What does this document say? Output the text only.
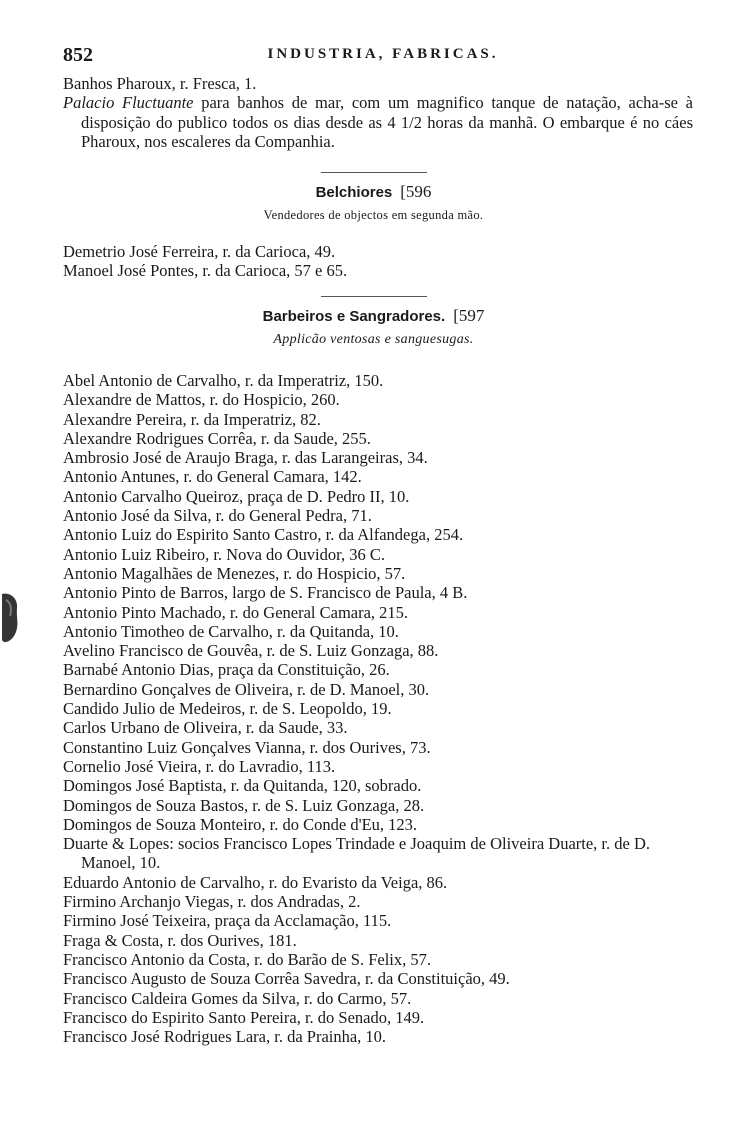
852	INDUSTRIA, FABRICAS.

Banhos Pharoux, r. Fresca, 1.

Palacio Fluctuante para banhos de mar, com um magnifico tanque de natação, acha-se à disposição do publico todos os dias desde as 4 1/2 horas da manhã. O embarque é no cáes Pharoux, nos escaleres da Companhia.

Belchiores [596
Vendedores de objectos em segunda mão.
Demetrio José Ferreira, r. da Carioca, 49.
Manoel José Pontes, r. da Carioca, 57 e 65.
Barbeiros e Sangradores. [597
Applicão ventosas e sanguesugas.
Abel Antonio de Carvalho, r. da Imperatriz, 150.
Alexandre de Mattos, r. do Hospicio, 260.
Alexandre Pereira, r. da Imperatriz, 82.
Alexandre Rodrigues Corrêa, r. da Saude, 255.
Ambrosio José de Araujo Braga, r. das Larangeiras, 34.
Antonio Antunes, r. do General Camara, 142.
Antonio Carvalho Queiroz, praça de D. Pedro II, 10.
Antonio José da Silva, r. do General Pedra, 71.
Antonio Luiz do Espirito Santo Castro, r. da Alfandega, 254.
Antonio Luiz Ribeiro, r. Nova do Ouvidor, 36 C.
Antonio Magalhães de Menezes, r. do Hospicio, 57.
Antonio Pinto de Barros, largo de S. Francisco de Paula, 4 B.
Antonio Pinto Machado, r. do General Camara, 215.
Antonio Timotheo de Carvalho, r. da Quitanda, 10.
Avelino Francisco de Gouvêa, r. de S. Luiz Gonzaga, 88.
Barnabé Antonio Dias, praça da Constituição, 26.
Bernardino Gonçalves de Oliveira, r. de D. Manoel, 30.
Candido Julio de Medeiros, r. de S. Leopoldo, 19.
Carlos Urbano de Oliveira, r. da Saude, 33.
Constantino Luiz Gonçalves Vianna, r. dos Ourives, 73.
Cornelio José Vieira, r. do Lavradio, 113.
Domingos José Baptista, r. da Quitanda, 120, sobrado.
Domingos de Souza Bastos, r. de S. Luiz Gonzaga, 28.
Domingos de Souza Monteiro, r. do Conde d'Eu, 123.
Duarte & Lopes: socios Francisco Lopes Trindade e Joaquim de Oliveira Duarte, r. de D. Manoel, 10.
Eduardo Antonio de Carvalho, r. do Evaristo da Veiga, 86.
Firmino Archanjo Viegas, r. dos Andradas, 2.
Firmino José Teixeira, praça da Acclamação, 115.
Fraga & Costa, r. dos Ourives, 181.
Francisco Antonio da Costa, r. do Barão de S. Felix, 57.
Francisco Augusto de Souza Corrêa Savedra, r. da Constituição, 49.
Francisco Caldeira Gomes da Silva, r. do Carmo, 57.
Francisco do Espirito Santo Pereira, r. do Senado, 149.
Francisco José Rodrigues Lara, r. da Prainha, 10.
